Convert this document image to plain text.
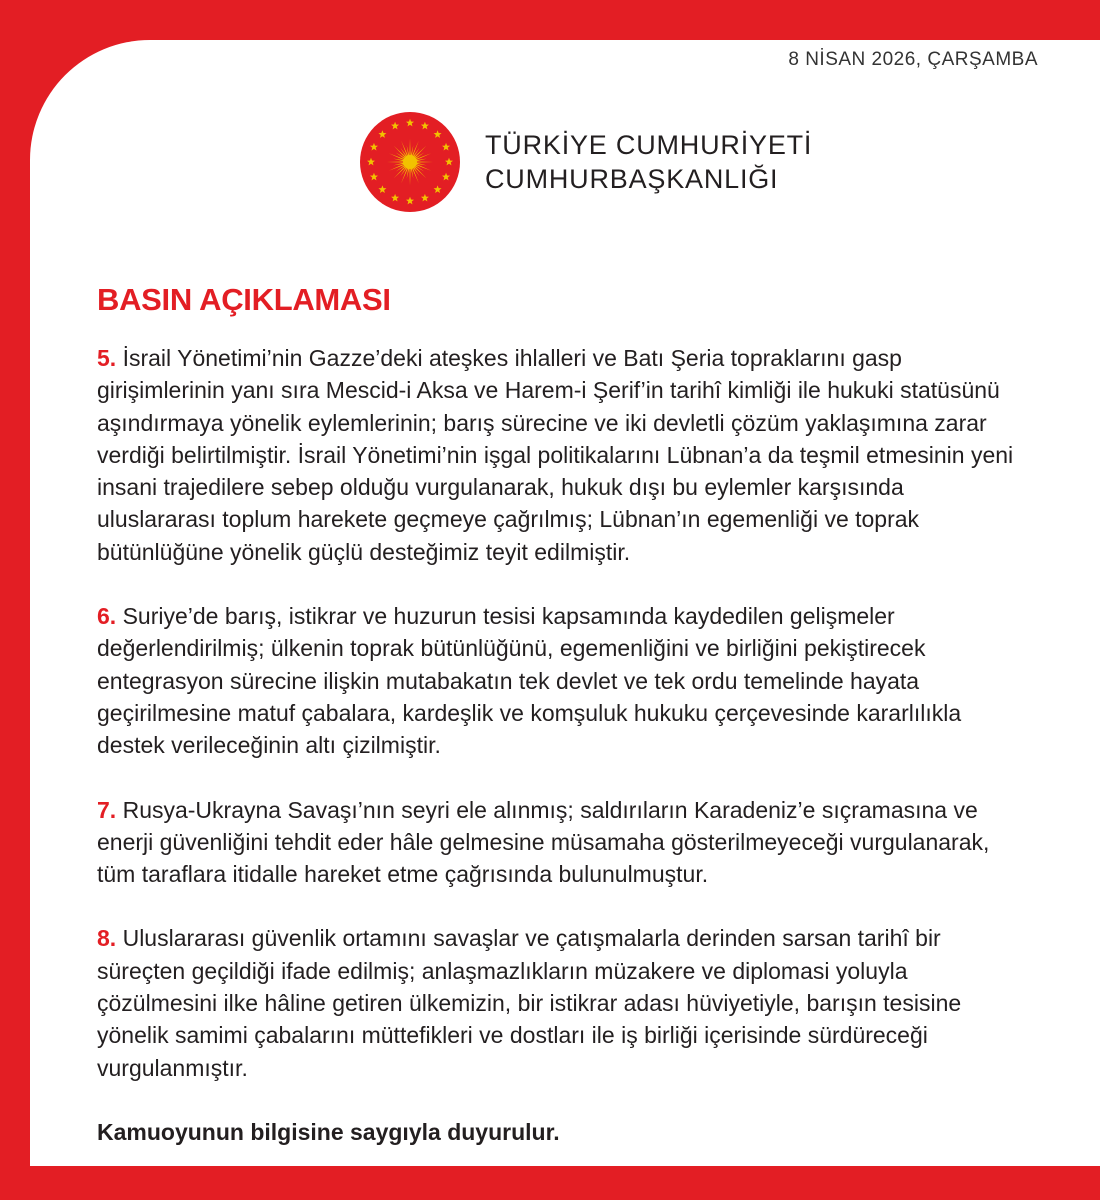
8 NİSAN 2026, ÇARŞAMBA
TÜRKİYE CUMHURİYETİ
CUMHURBAŞKANLIĞI
BASIN AÇIKLAMASI

5. İsrail Yönetimi’nin Gazze’deki ateşkes ihlalleri ve Batı Şeria topraklarını gasp girişimlerinin yanı sıra Mescid-i Aksa ve Harem-i Şerif’in tarihî kimliği ile hukuki statüsünü aşındırmaya yönelik eylemlerinin; barış sürecine ve iki devletli çözüm yaklaşımına zarar verdiği belirtilmiştir. İsrail Yönetimi’nin işgal politikalarını Lübnan’a da teşmil etmesinin yeni insani trajedilere sebep olduğu vurgulanarak, hukuk dışı bu eylemler karşısında uluslararası toplum harekete geçmeye çağrılmış; Lübnan’ın egemenliği ve toprak bütünlüğüne yönelik güçlü desteğimiz teyit edilmiştir.

6. Suriye’de barış, istikrar ve huzurun tesisi kapsamında kaydedilen gelişmeler değerlendirilmiş; ülkenin toprak bütünlüğünü, egemenliğini ve birliğini pekiştirecek entegrasyon sürecine ilişkin mutabakatın tek devlet ve tek ordu temelinde hayata geçirilmesine matuf çabalara, kardeşlik ve komşuluk hukuku çerçevesinde kararlılıkla destek verileceğinin altı çizilmiştir.

7. Rusya-Ukrayna Savaşı’nın seyri ele alınmış; saldırıların Karadeniz’e sıçramasına ve enerji güvenliğini tehdit eder hâle gelmesine müsamaha gösterilmeyeceği vurgulanarak, tüm taraflara itidalle hareket etme çağrısında bulunulmuştur.

8. Uluslararası güvenlik ortamını savaşlar ve çatışmalarla derinden sarsan tarihî bir süreçten geçildiği ifade edilmiş; anlaşmazlıkların müzakere ve diplomasi yoluyla çözülmesini ilke hâline getiren ülkemizin, bir istikrar adası hüviyetiyle, barışın tesisine yönelik samimi çabalarını müttefikleri ve dostları ile iş birliği içerisinde sürdüreceği vurgulanmıştır.

Kamuoyunun bilgisine saygıyla duyurulur.
